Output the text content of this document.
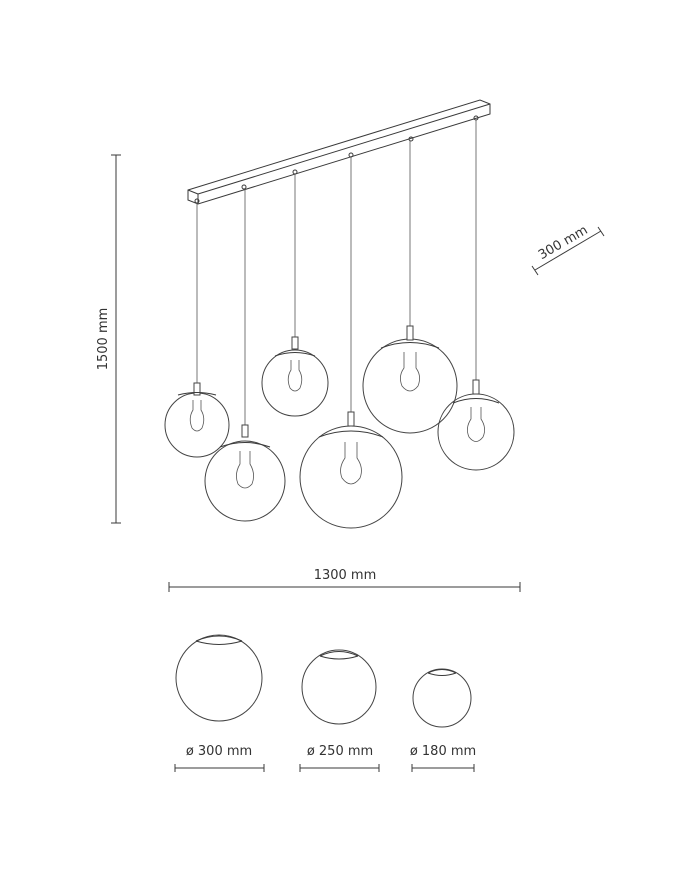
1500 mm
300 mm
1300 mm
ø 300 mm	ø 250 mm	ø 180 mm
